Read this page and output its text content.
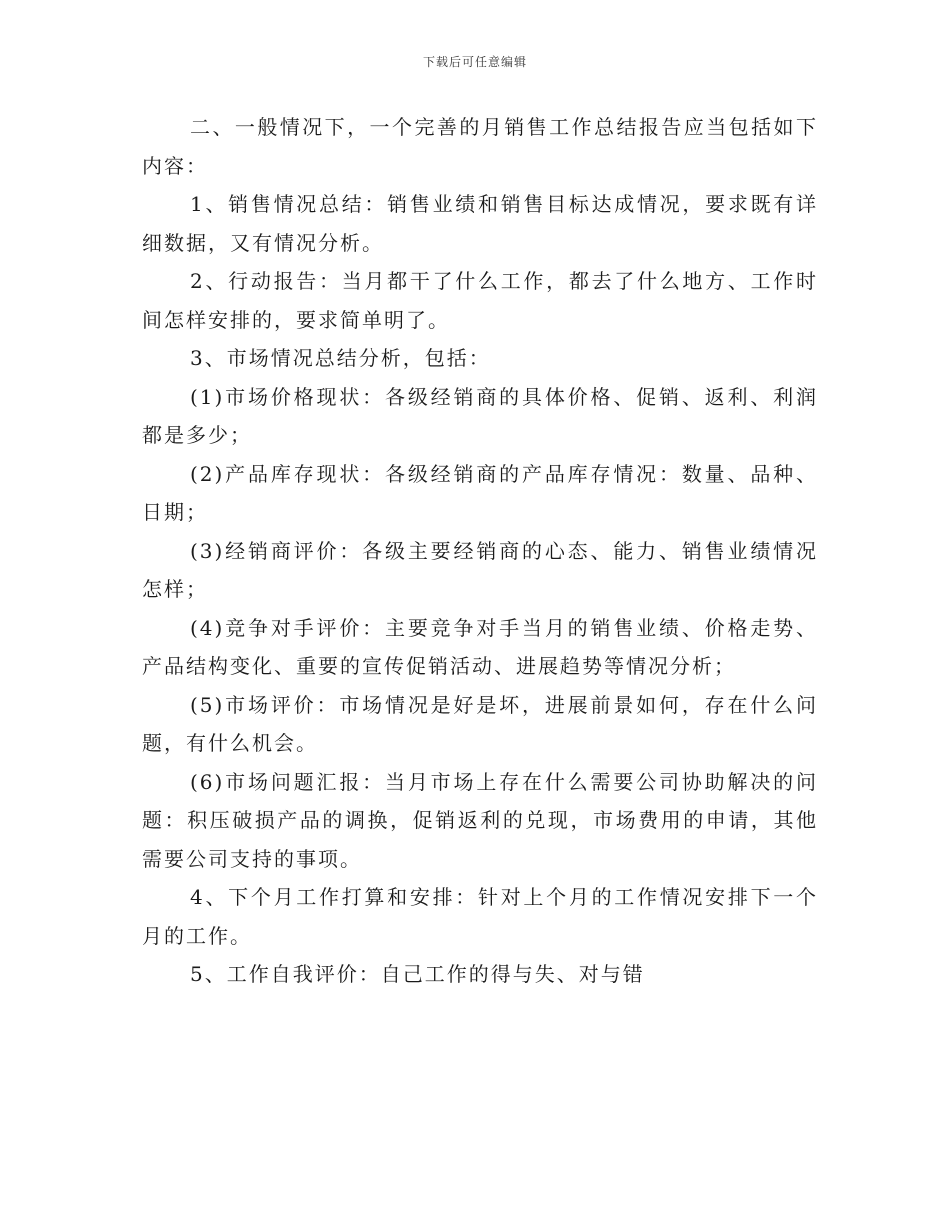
下载后可任意编辑

二、一般情况下，一个完善的月销售工作总结报告应当包括如下内容：

1、销售情况总结：销售业绩和销售目标达成情况，要求既有详细数据，又有情况分析。

2、行动报告：当月都干了什么工作，都去了什么地方、工作时间怎样安排的，要求简单明了。

3、市场情况总结分析，包括：

(1)市场价格现状：各级经销商的具体价格、促销、返利、利润都是多少；

(2)产品库存现状：各级经销商的产品库存情况：数量、品种、日期；

(3)经销商评价：各级主要经销商的心态、能力、销售业绩情况怎样；

(4)竞争对手评价：主要竞争对手当月的销售业绩、价格走势、产品结构变化、重要的宣传促销活动、进展趋势等情况分析；

(5)市场评价：市场情况是好是坏，进展前景如何，存在什么问题，有什么机会。

(6)市场问题汇报：当月市场上存在什么需要公司协助解决的问题：积压破损产品的调换，促销返利的兑现，市场费用的申请，其他需要公司支持的事项。

4、下个月工作打算和安排：针对上个月的工作情况安排下一个月的工作。

5、工作自我评价：自己工作的得与失、对与错
